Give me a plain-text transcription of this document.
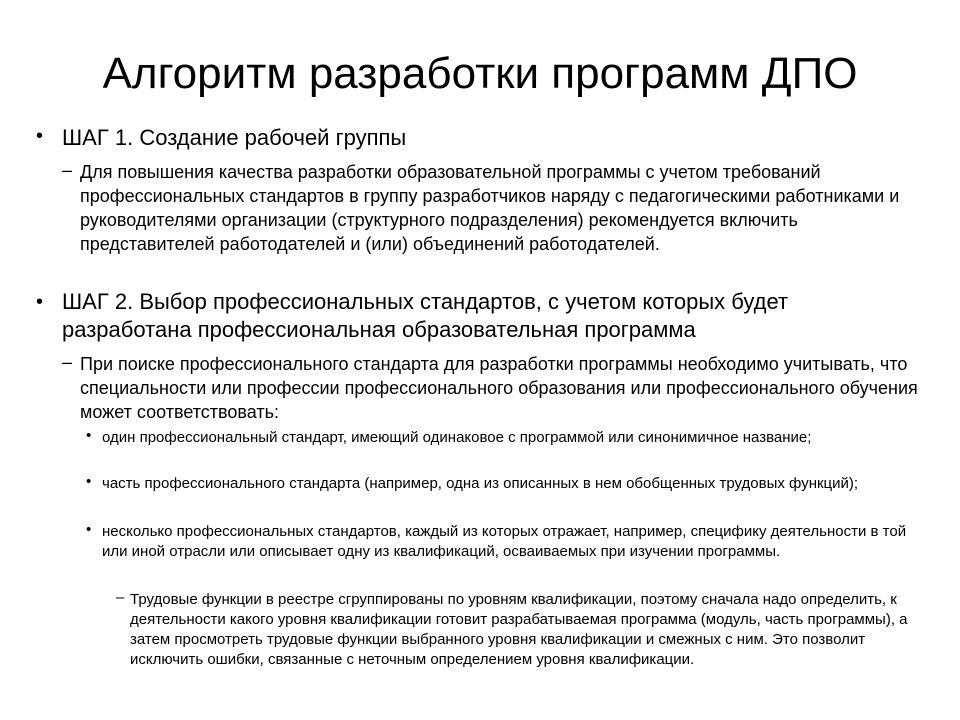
Алгоритм разработки программ ДПО
• ШАГ 1. Создание рабочей группы
– Для повышения качества разработки образовательной программы с учетом требований профессиональных стандартов в группу разработчиков наряду с педагогическими работниками и руководителями организации (структурного подразделения) рекомендуется включить представителей работодателей и (или) объединений работодателей.
• ШАГ 2. Выбор профессиональных стандартов, с учетом которых будет разработана профессиональная образовательная программа
– При поиске профессионального стандарта для разработки программы необходимо учитывать, что специальности или профессии профессионального образования или профессионального обучения может соответствовать:
• один профессиональный стандарт, имеющий одинаковое с программой или синонимичное название;
• часть профессионального стандарта (например, одна из описанных в нем обобщенных трудовых функций);
• несколько профессиональных стандартов, каждый из которых отражает, например, специфику деятельности в той или иной отрасли или описывает одну из квалификаций, осваиваемых при изучении программы.
– Трудовые функции в реестре сгруппированы по уровням квалификации, поэтому сначала надо определить, к деятельности какого уровня квалификации готовит разрабатываемая программа (модуль, часть программы), а затем просмотреть трудовые функции выбранного уровня квалификации и смежных с ним. Это позволит исключить ошибки, связанные с неточным определением уровня квалификации.
